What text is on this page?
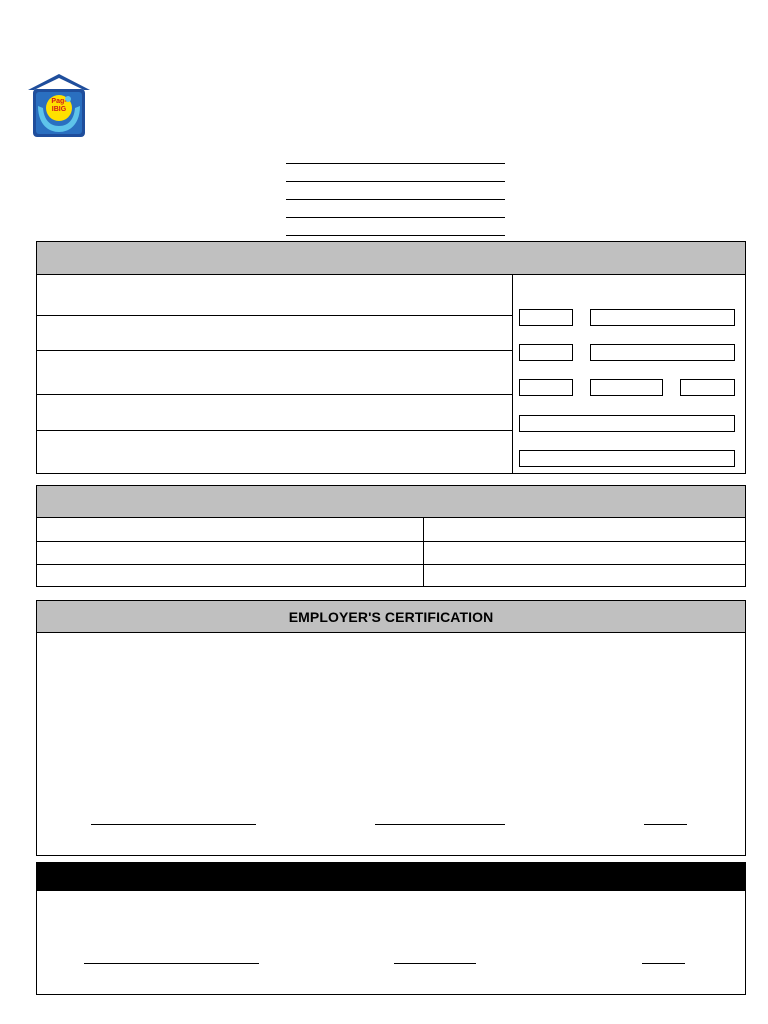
Pag-
IBIG
EMPLOYER'S CERTIFICATION
